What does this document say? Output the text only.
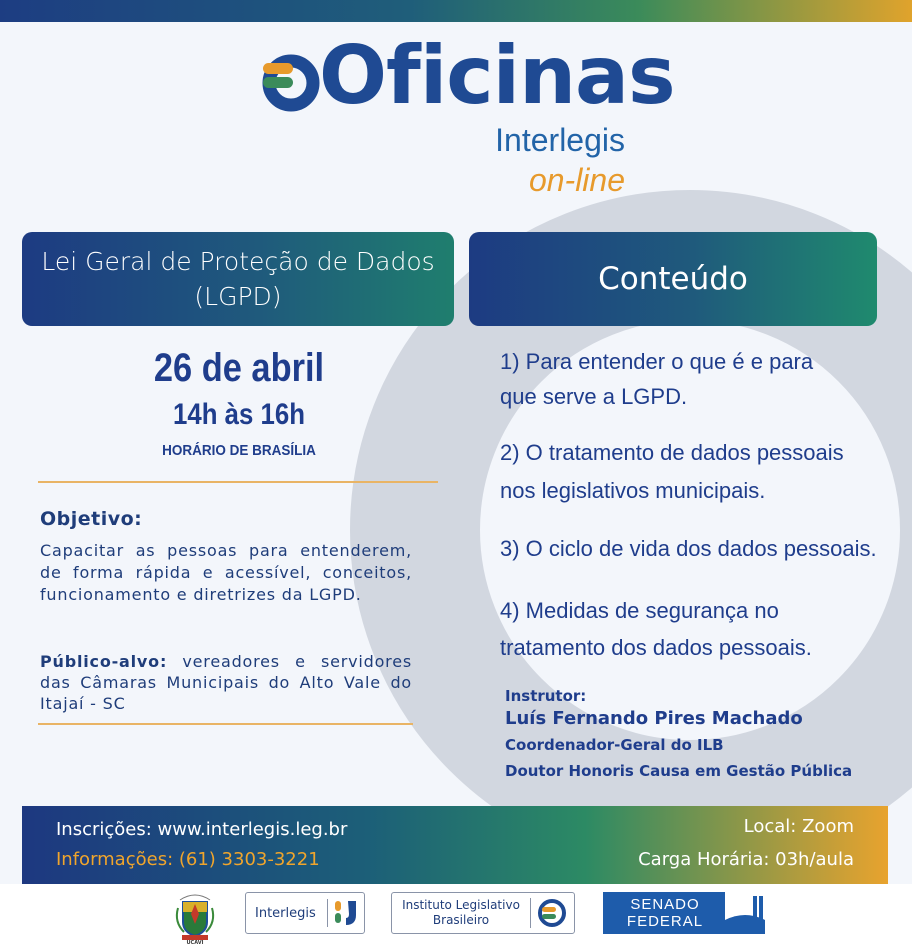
Oficinas
Interlegis
on-line
Lei Geral de Proteção de Dados
(LGPD)	Conteúdo
26 de abril
14h às 16h
HORÁRIO DE BRASÍLIA
Objetivo:
Capacitar as pessoas para entenderem, de forma rápida e acessível, conceitos, funcionamento e diretrizes da LGPD.
Público-alvo: vereadores e servidores das Câmaras Municipais do Alto Vale do Itajaí - SC
1) Para entender o que é e para
que serve a LGPD.
2) O tratamento de dados pessoais
nos legislativos municipais.
3) O ciclo de vida dos dados pessoais.
4) Medidas de segurança no
tratamento dos dados pessoais.
Instrutor:
Luís Fernando Pires Machado
Coordenador-Geral do ILB
Doutor Honoris Causa em Gestão Pública
Inscrições: www.interlegis.leg.br
Informações: (61) 3303-3221
Local: Zoom
Carga Horária: 03h/aula
UCAVI
Interlegis
Instituto Legislativo
Brasileiro
SENADO
FEDERAL
